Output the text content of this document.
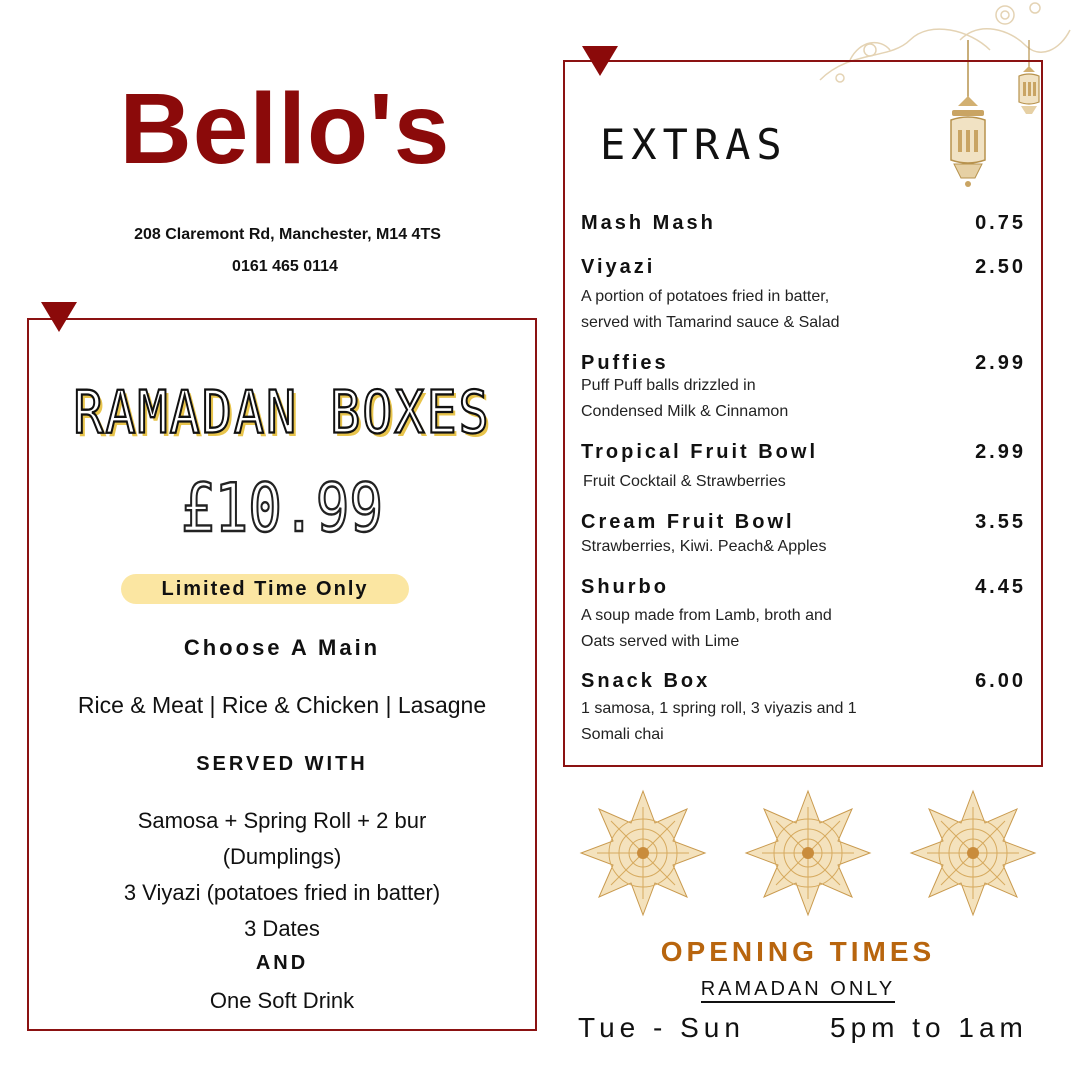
Bello's
208 Claremont Rd, Manchester, M14 4TS
0161 465 0114
RAMADAN BOXES
£10.99
Limited Time Only
Choose A Main
Rice & Meat | Rice & Chicken | Lasagne
SERVED WITH
Samosa + Spring Roll + 2 bur
(Dumplings)
3 Viyazi (potatoes fried in batter)
3 Dates
AND
One Soft Drink
EXTRAS
Mash Mash	0.75
Viyazi	2.50
A portion of potatoes fried in batter,
served with Tamarind sauce & Salad
Puffies	2.99
Puff Puff balls drizzled in
Condensed Milk & Cinnamon
Tropical Fruit Bowl	2.99
Fruit Cocktail & Strawberries
Cream Fruit Bowl	3.55
Strawberries, Kiwi. Peach& Apples
Shurbo	4.45
A soup made from Lamb, broth and
Oats served with Lime
Snack Box	6.00
1 samosa, 1 spring roll, 3 viyazis and 1
Somali chai
OPENING TIMES
RAMADAN ONLY
Tue - Sun	5pm to 1am
